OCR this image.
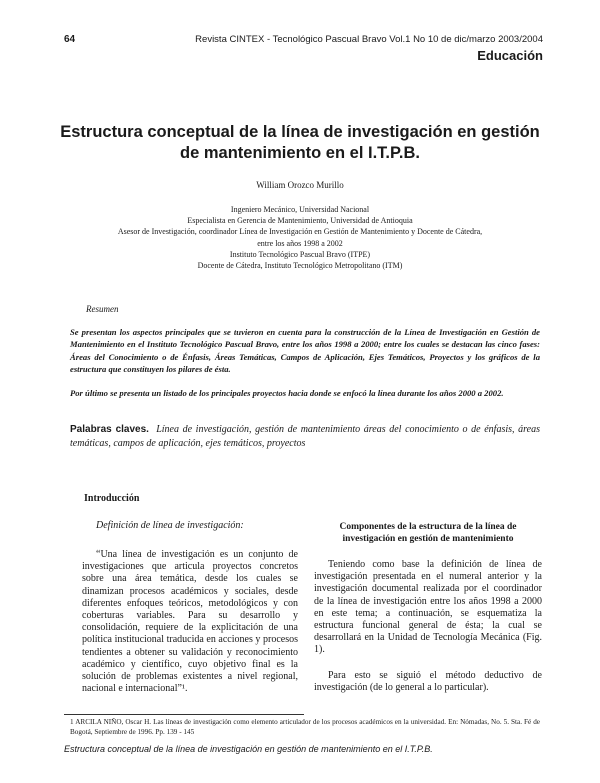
64	Revista CINTEX - Tecnológico Pascual Bravo Vol.1 No 10 de dic/marzo 2003/2004
Educación
Estructura conceptual de la línea de investigación en gestión de mantenimiento en el I.T.P.B.
William Orozco Murillo
Ingeniero Mecánico, Universidad Nacional
Especialista en Gerencia de Mantenimiento, Universidad de Antioquia
Asesor de Investigación, coordinador Línea de Investigación en Gestión de Mantenimiento y Docente de Cátedra,
entre los años 1998 a 2002
Instituto Tecnológico Pascual Bravo (ITPE)
Docente de Cátedra, Instituto Tecnológico Metropolitano (ITM)
Resumen
Se presentan los aspectos principales que se tuvieron en cuenta para la construcción de la Línea de Investigación en Gestión de Mantenimiento en el Instituto Tecnológico Pascual Bravo, entre los años 1998 a 2000; entre los cuales se destacan las cinco fases: Áreas del Conocimiento o de Énfasis, Áreas Temáticas, Campos de Aplicación, Ejes Temáticos, Proyectos y los gráficos de la estructura que constituyen los pilares de ésta.
Por último se presenta un listado de los principales proyectos hacia donde se enfocó la línea durante los años 2000 a 2002.
Palabras claves. Línea de investigación, gestión de mantenimiento áreas del conocimiento o de énfasis, áreas temáticas, campos de aplicación, ejes temáticos, proyectos
Introducción
Definición de línea de investigación:
“Una línea de investigación es un conjunto de investigaciones que articula proyectos concretos sobre una área temática, desde los cuales se dinamizan procesos académicos y sociales, desde diferentes enfoques teóricos, metodológicos y con coberturas variables. Para su desarrollo y consolidación, requiere de la explicitación de una política institucional traducida en acciones y procesos tendientes a obtener su validación y reconocimiento académico y científico, cuyo objetivo final es la solución de problemas existentes a nivel regional, nacional e internacional”¹.
Componentes de la estructura de la línea de investigación en gestión de mantenimiento
Teniendo como base la definición de línea de investigación presentada en el numeral anterior y la investigación documental realizada por el coordinador de la línea de investigación entre los años 1998 a 2000 en este tema; a continuación, se esquematiza la estructura funcional general de ésta; la cual se desarrollará en la Unidad de Tecnología Mecánica (Fig. 1).
Para esto se siguió el método deductivo de investigación (de lo general a lo particular).
1 ARCILA NIÑO, Oscar H. Las líneas de investigación como elemento articulador de los procesos académicos en la universidad. En: Nómadas, No. 5. Sta. Fé de Bogotá, Septiembre de 1996. Pp. 139 - 145
Estructura conceptual de la línea de investigación en gestión de mantenimiento en el I.T.P.B.
